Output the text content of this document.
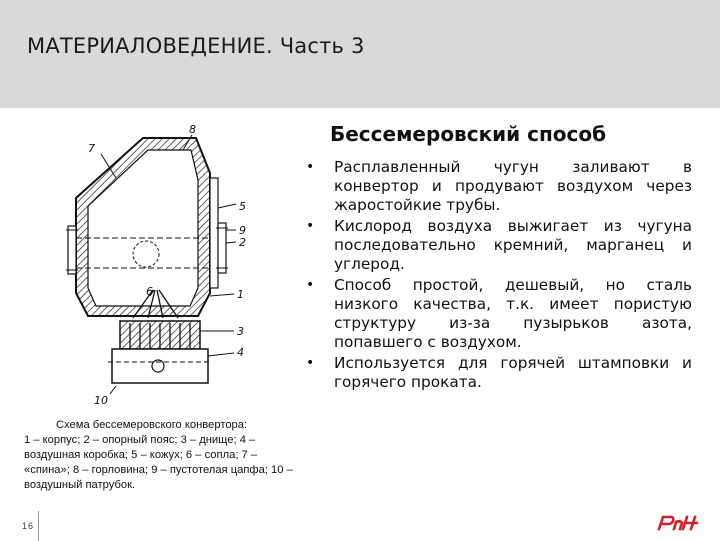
МАТЕРИАЛОВЕДЕНИЕ. Часть 3
Бессемеровский способ
• Расплавленный чугун заливают в конвертор и продувают воздухом через жаростойкие трубы.
• Кислород воздуха выжигает из чугуна последовательно кремний, марганец и углерод.
• Способ простой, дешевый, но сталь низкого качества, т.к. имеет пористую структуру из-за пузырьков азота, попавшего с воздухом.
• Используется для горячей штамповки и горячего проката.
7
8
5
9
2
6	1
3
4
10
Схема бессемеровского конвертора:
1 – корпус; 2 – опорный пояс; 3 – днище; 4 – воздушная коробка; 5 – кожух; 6 – сопла; 7 – «спина»; 8 – горловина; 9 – пустотелая цапфа; 10 – воздушный патрубок.
16
